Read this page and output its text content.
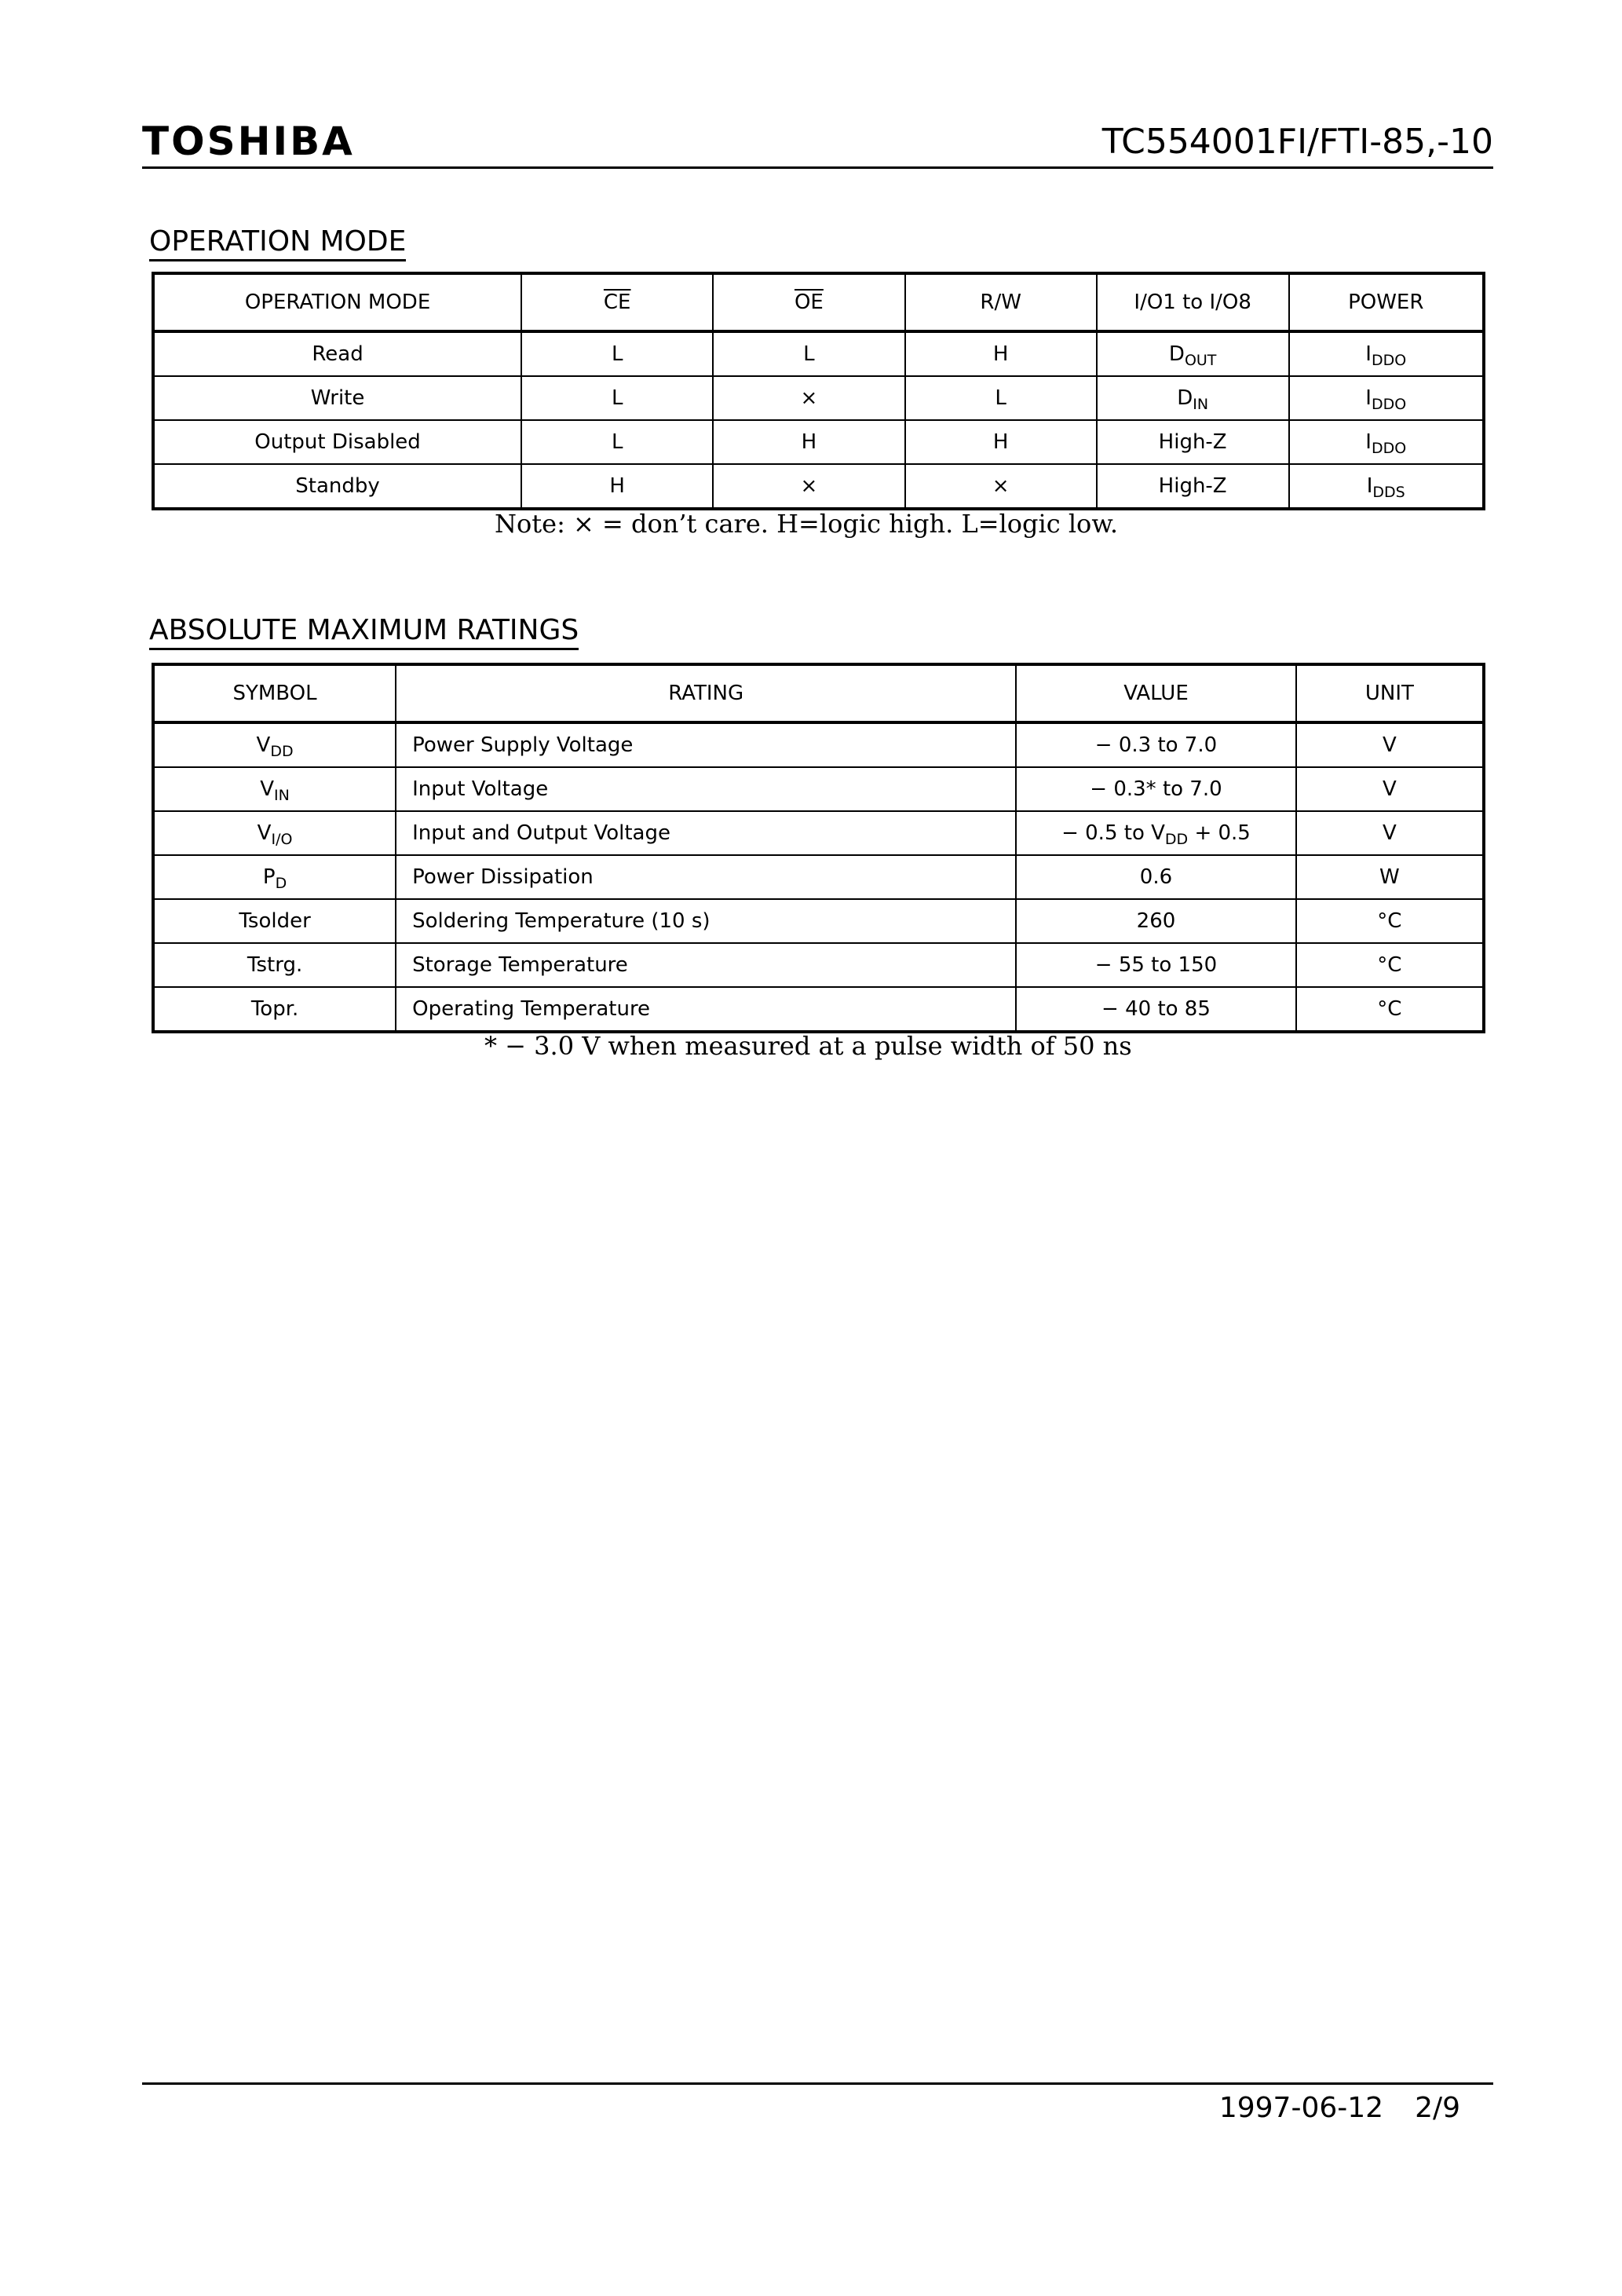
TOSHIBA	TC554001FI/FTI-85,-10
OPERATION MODE
OPERATION MODE	$\overline{CE}$	$\overline{OE}$	R/W	I/O1 to I/O8	POWER
Read	L	L	H	$D_{OUT}$	$I_{DDO}$
Write	L	×	L	$D_{IN}$	$I_{DDO}$
Output Disabled	L	H	H	High-Z	$I_{DDO}$
Standby	H	×	×	High-Z	$I_{DDS}$
Note: × = don’t care. H=logic high. L=logic low.
ABSOLUTE MAXIMUM RATINGS
SYMBOL	RATING	VALUE	UNIT
$V_{DD}$	Power Supply Voltage	− 0.3 to 7.0	V
$V_{IN}$	Input Voltage	− 0.3* to 7.0	V
$V_{I/O}$	Input and Output Voltage	− 0.5 to $V_{DD} + 0.5$	V
$P_D$	Power Dissipation	0.6	W
Tsolder	Soldering Temperature (10 s)	260	°C
Tstrg.	Storage Temperature	− 55 to 150	°C
Topr.	Operating Temperature	− 40 to 85	°C
* − 3.0 V when measured at a pulse width of 50 ns
1997-06-12 2/9
